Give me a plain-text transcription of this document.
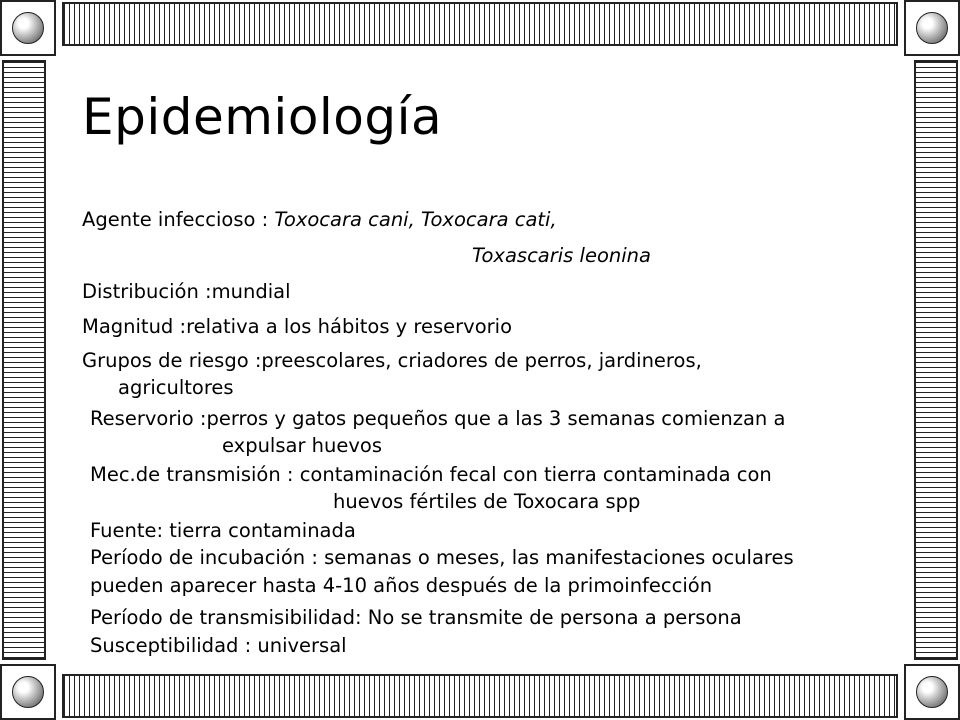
Epidemiología
Agente infeccioso : Toxocara cani, Toxocara cati,
Toxascaris leonina
Distribución :mundial
Magnitud :relativa a los hábitos y reservorio
Grupos de riesgo :preescolares, criadores de perros, jardineros,
agricultores
Reservorio :perros y gatos pequeños que a las 3 semanas comienzan a
expulsar huevos
Mec.de transmisión : contaminación fecal con tierra contaminada con
huevos fértiles de Toxocara spp
Fuente: tierra contaminada
Período de incubación : semanas o meses, las manifestaciones oculares
pueden aparecer hasta 4-10 años después de la primoinfección
Período de transmisibilidad: No se transmite de persona a persona
Susceptibilidad : universal
